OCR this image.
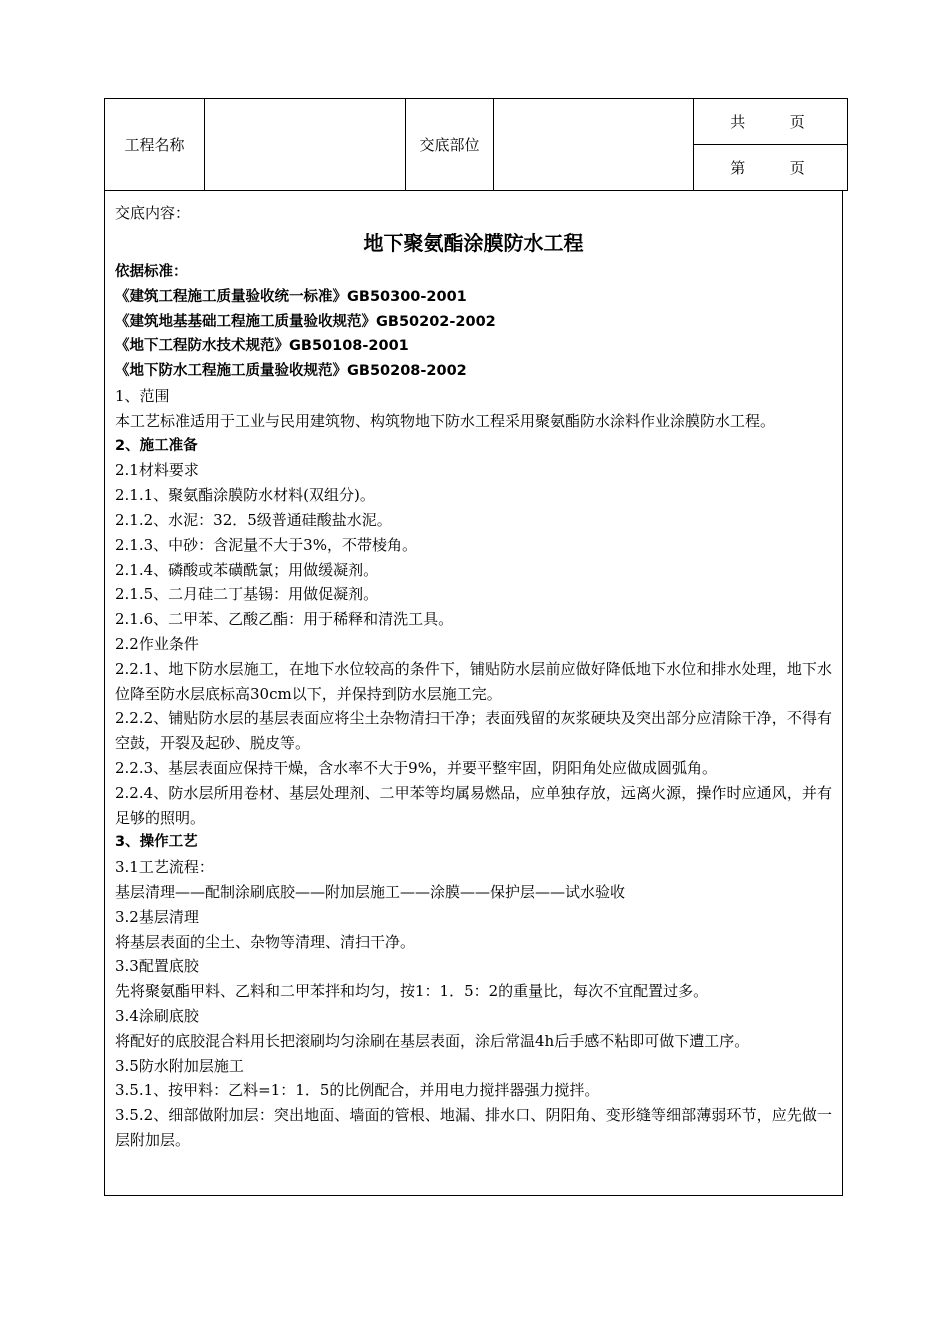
工程名称		交底部位		
共	页

第	页
交底内容：
地下聚氨酯涂膜防水工程

依据标准：

《建筑工程施工质量验收统一标准》GB50300-2001

《建筑地基基础工程施工质量验收规范》GB50202-2002

《地下工程防水技术规范》GB50108-2001

《地下防水工程施工质量验收规范》GB50208-2002

1、范围

本工艺标准适用于工业与民用建筑物、构筑物地下防水工程采用聚氨酯防水涂料作业涂膜防水工程。

2、施工准备

2.1材料要求

2.1.1、聚氨酯涂膜防水材料(双组分)。

2.1.2、水泥：32．5级普通硅酸盐水泥。

2.1.3、中砂：含泥量不大于3%，不带棱角。

2.1.4、磷酸或苯磺酰氯；用做缓凝剂。

2.1.5、二月硅二丁基锡：用做促凝剂。

2.1.6、二甲苯、乙酸乙酯：用于稀释和清洗工具。

2.2作业条件

2.2.1、地下防水层施工，在地下水位较高的条件下，铺贴防水层前应做好降低地下水位和排水处理，地下水位降至防水层底标高30cm以下，并保持到防水层施工完。

2.2.2、铺贴防水层的基层表面应将尘土杂物清扫干净；表面残留的灰浆硬块及突出部分应清除干净，不得有空鼓，开裂及起砂、脱皮等。

2.2.3、基层表面应保持干燥，含水率不大于9%，并要平整牢固，阴阳角处应做成圆弧角。

2.2.4、防水层所用卷材、基层处理剂、二甲苯等均属易燃品，应单独存放，远离火源，操作时应通风，并有足够的照明。

3、操作工艺

3.1工艺流程：

基层清理——配制涂刷底胶——附加层施工——涂膜——保护层——试水验收

3.2基层清理

将基层表面的尘土、杂物等清理、清扫干净。

3.3配置底胶

先将聚氨酯甲料、乙料和二甲苯拌和均匀，按1：1．5：2的重量比，每次不宜配置过多。

3.4涂刷底胶

将配好的底胶混合料用长把滚刷均匀涂刷在基层表面，涂后常温4h后手感不粘即可做下遭工序。

3.5防水附加层施工

3.5.1、按甲料：乙料=1：1．5的比例配合，并用电力搅拌器强力搅拌。

3.5.2、细部做附加层：突出地面、墙面的管根、地漏、排水口、阴阳角、变形缝等细部薄弱环节，应先做一层附加层。
